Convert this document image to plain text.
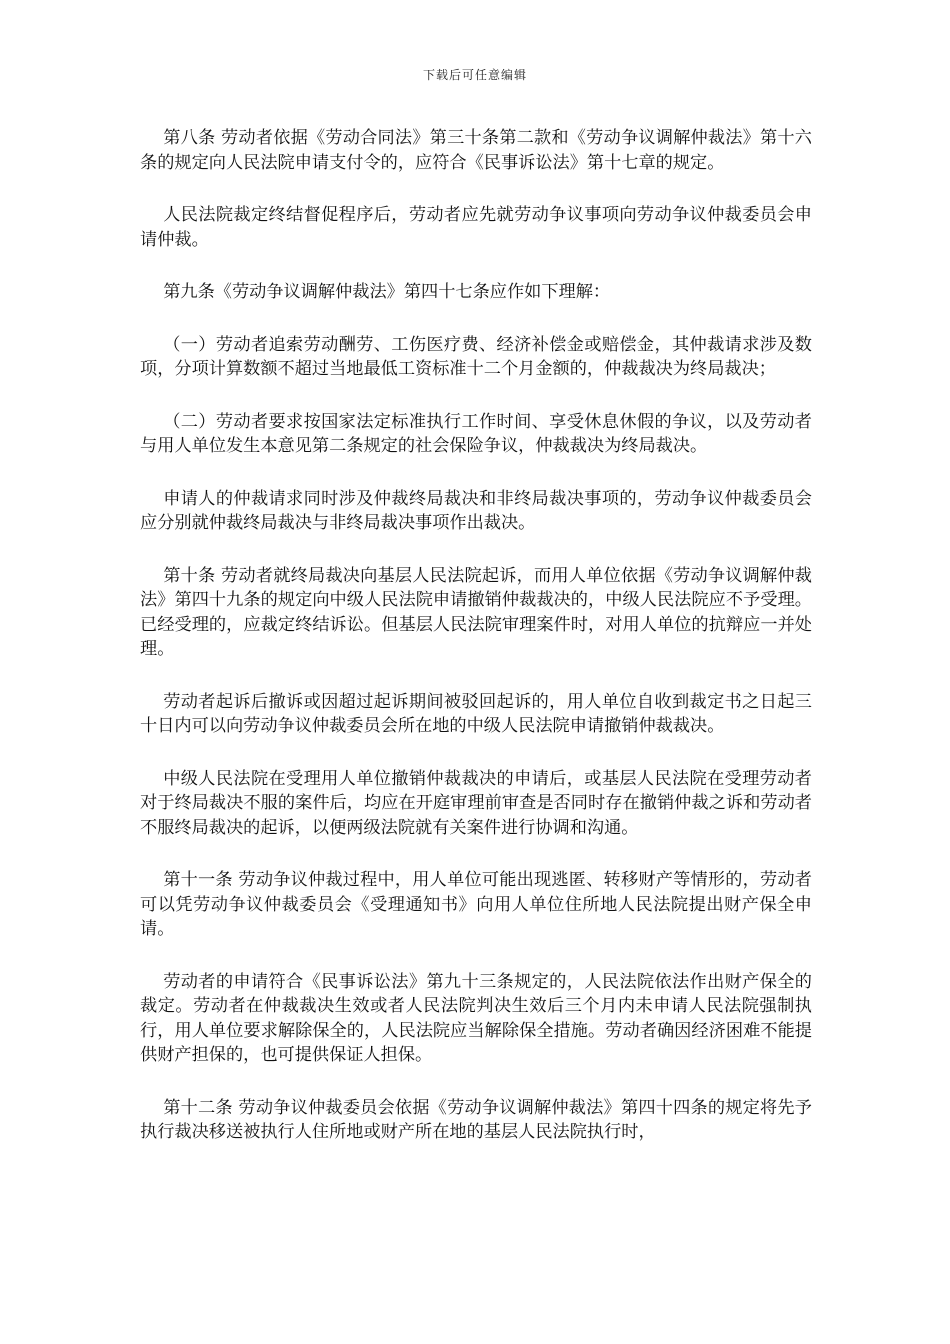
下载后可任意编辑

第八条 劳动者依据《劳动合同法》第三十条第二款和《劳动争议调解仲裁法》第十六条的规定向人民法院申请支付令的，应符合《民事诉讼法》第十七章的规定。

人民法院裁定终结督促程序后，劳动者应先就劳动争议事项向劳动争议仲裁委员会申请仲裁。

第九条《劳动争议调解仲裁法》第四十七条应作如下理解：

（一）劳动者追索劳动酬劳、工伤医疗费、经济补偿金或赔偿金，其仲裁请求涉及数项，分项计算数额不超过当地最低工资标准十二个月金额的，仲裁裁决为终局裁决；

（二）劳动者要求按国家法定标准执行工作时间、享受休息休假的争议，以及劳动者与用人单位发生本意见第二条规定的社会保险争议，仲裁裁决为终局裁决。

申请人的仲裁请求同时涉及仲裁终局裁决和非终局裁决事项的，劳动争议仲裁委员会应分别就仲裁终局裁决与非终局裁决事项作出裁决。

第十条 劳动者就终局裁决向基层人民法院起诉，而用人单位依据《劳动争议调解仲裁法》第四十九条的规定向中级人民法院申请撤销仲裁裁决的，中级人民法院应不予受理。已经受理的，应裁定终结诉讼。但基层人民法院审理案件时，对用人单位的抗辩应一并处理。

劳动者起诉后撤诉或因超过起诉期间被驳回起诉的，用人单位自收到裁定书之日起三十日内可以向劳动争议仲裁委员会所在地的中级人民法院申请撤销仲裁裁决。

中级人民法院在受理用人单位撤销仲裁裁决的申请后，或基层人民法院在受理劳动者对于终局裁决不服的案件后，均应在开庭审理前审查是否同时存在撤销仲裁之诉和劳动者不服终局裁决的起诉，以便两级法院就有关案件进行协调和沟通。

第十一条 劳动争议仲裁过程中，用人单位可能出现逃匿、转移财产等情形的，劳动者可以凭劳动争议仲裁委员会《受理通知书》向用人单位住所地人民法院提出财产保全申请。

劳动者的申请符合《民事诉讼法》第九十三条规定的，人民法院依法作出财产保全的裁定。劳动者在仲裁裁决生效或者人民法院判决生效后三个月内未申请人民法院强制执行，用人单位要求解除保全的，人民法院应当解除保全措施。劳动者确因经济困难不能提供财产担保的，也可提供保证人担保。

第十二条 劳动争议仲裁委员会依据《劳动争议调解仲裁法》第四十四条的规定将先予执行裁决移送被执行人住所地或财产所在地的基层人民法院执行时，
